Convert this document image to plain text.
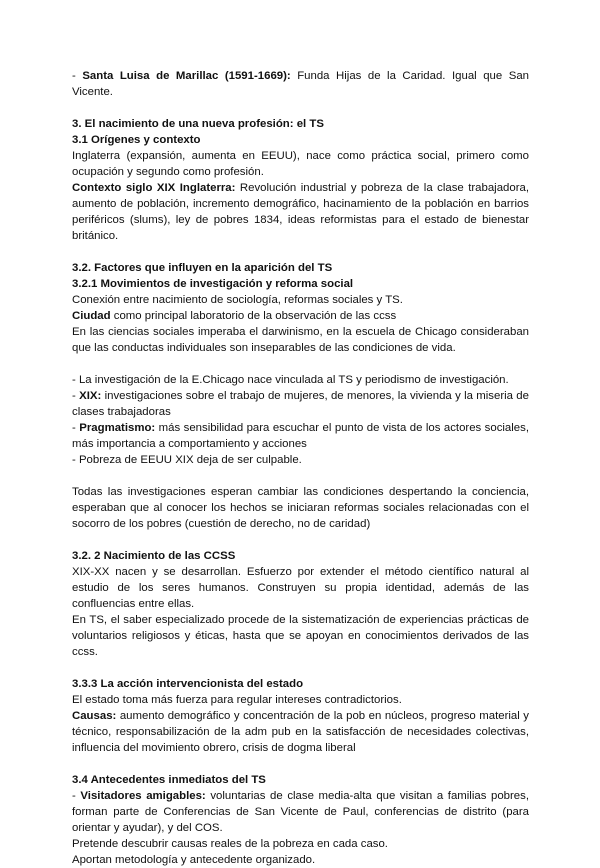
- Santa Luisa de Marillac (1591-1669): Funda Hijas de la Caridad. Igual que San Vicente.

3. El nacimiento de una nueva profesión: el TS

3.1 Orígenes y contexto

Inglaterra (expansión, aumenta en EEUU), nace como práctica social, primero como ocupación y segundo como profesión.

Contexto siglo XIX Inglaterra: Revolución industrial y pobreza de la clase trabajadora, aumento de población, incremento demográfico, hacinamiento de la población en barrios periféricos (slums), ley de pobres 1834, ideas reformistas para el estado de bienestar británico.

3.2. Factores que influyen en la aparición del TS

3.2.1 Movimientos de investigación y reforma social

Conexión entre nacimiento de sociología, reformas sociales y TS.

Ciudad como principal laboratorio de la observación de las ccss

En las ciencias sociales imperaba el darwinismo, en la escuela de Chicago consideraban que las conductas individuales son inseparables de las condiciones de vida.

- La investigación de la E.Chicago nace vinculada al TS y periodismo de investigación.

- XIX: investigaciones sobre el trabajo de mujeres, de menores, la vivienda y la miseria de clases trabajadoras

- Pragmatismo: más sensibilidad para escuchar el punto de vista de los actores sociales, más importancia a comportamiento y acciones

- Pobreza de EEUU XIX deja de ser culpable.

Todas las investigaciones esperan cambiar las condiciones despertando la conciencia, esperaban que al conocer los hechos se iniciaran reformas sociales relacionadas con el socorro de los pobres (cuestión de derecho, no de caridad)

3.2. 2 Nacimiento de las CCSS

XIX-XX nacen y se desarrollan. Esfuerzo por extender el método científico natural al estudio de los seres humanos. Construyen su propia identidad, además de las confluencias entre ellas.

En TS, el saber especializado procede de la sistematización de experiencias prácticas de voluntarios religiosos y éticas, hasta que se apoyan en conocimientos derivados de las ccss.

3.3.3 La acción intervencionista del estado

El estado toma más fuerza para regular intereses contradictorios.

Causas: aumento demográfico y concentración de la pob en núcleos, progreso material y técnico, responsabilización de la adm pub en la satisfacción de necesidades colectivas, influencia del movimiento obrero, crisis de dogma liberal

3.4 Antecedentes inmediatos del TS

- Visitadores amigables: voluntarias de clase media-alta que visitan a familias pobres, forman parte de Conferencias de San Vicente de Paul, conferencias de distrito (para orientar y ayudar), y del COS.

Pretende descubrir causas reales de la pobreza en cada caso.

Aportan metodología y antecedente organizado.
